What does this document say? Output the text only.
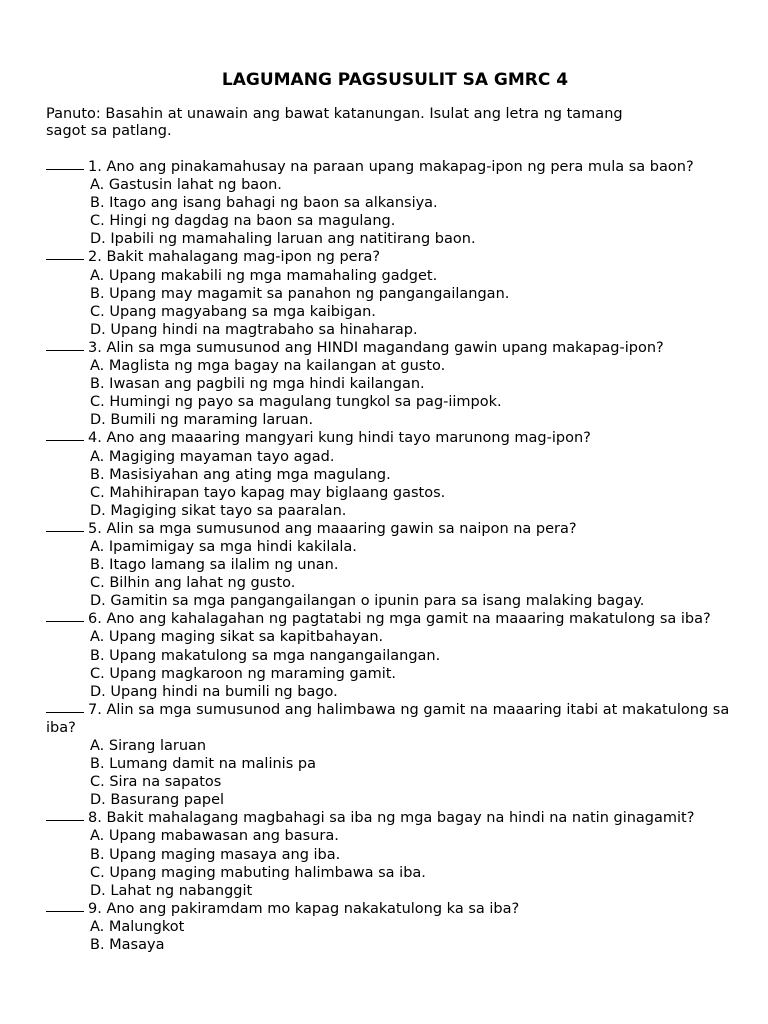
LAGUMANG PAGSUSULIT SA GMRC 4
Panuto: Basahin at unawain ang bawat katanungan. Isulat ang letra ng tamang sagot sa patlang.
1. Ano ang pinakamahusay na paraan upang makapag-ipon ng pera mula sa baon?
A. Gastusin lahat ng baon.
B. Itago ang isang bahagi ng baon sa alkansiya.
C. Hingi ng dagdag na baon sa magulang.
D. Ipabili ng mamahaling laruan ang natitirang baon.
2. Bakit mahalagang mag-ipon ng pera?
A. Upang makabili ng mga mamahaling gadget.
B. Upang may magamit sa panahon ng pangangailangan.
C. Upang magyabang sa mga kaibigan.
D. Upang hindi na magtrabaho sa hinaharap.
3. Alin sa mga sumusunod ang HINDI magandang gawin upang makapag-ipon?
A. Maglista ng mga bagay na kailangan at gusto.
B. Iwasan ang pagbili ng mga hindi kailangan.
C. Humingi ng payo sa magulang tungkol sa pag-iimpok.
D. Bumili ng maraming laruan.
4. Ano ang maaaring mangyari kung hindi tayo marunong mag-ipon?
A. Magiging mayaman tayo agad.
B. Masisiyahan ang ating mga magulang.
C. Mahihirapan tayo kapag may biglaang gastos.
D. Magiging sikat tayo sa paaralan.
5. Alin sa mga sumusunod ang maaaring gawin sa naipon na pera?
A. Ipamimigay sa mga hindi kakilala.
B. Itago lamang sa ilalim ng unan.
C. Bilhin ang lahat ng gusto.
D. Gamitin sa mga pangangailangan o ipunin para sa isang malaking bagay.
6. Ano ang kahalagahan ng pagtatabi ng mga gamit na maaaring makatulong sa iba?
A. Upang maging sikat sa kapitbahayan.
B. Upang makatulong sa mga nangangailangan.
C. Upang magkaroon ng maraming gamit.
D. Upang hindi na bumili ng bago.
7. Alin sa mga sumusunod ang halimbawa ng gamit na maaaring itabi at makatulong sa iba?
A. Sirang laruan
B. Lumang damit na malinis pa
C. Sira na sapatos
D. Basurang papel
8. Bakit mahalagang magbahagi sa iba ng mga bagay na hindi na natin ginagamit?
A. Upang mabawasan ang basura.
B. Upang maging masaya ang iba.
C. Upang maging mabuting halimbawa sa iba.
D. Lahat ng nabanggit
9. Ano ang pakiramdam mo kapag nakakatulong ka sa iba?
A. Malungkot
B. Masaya
